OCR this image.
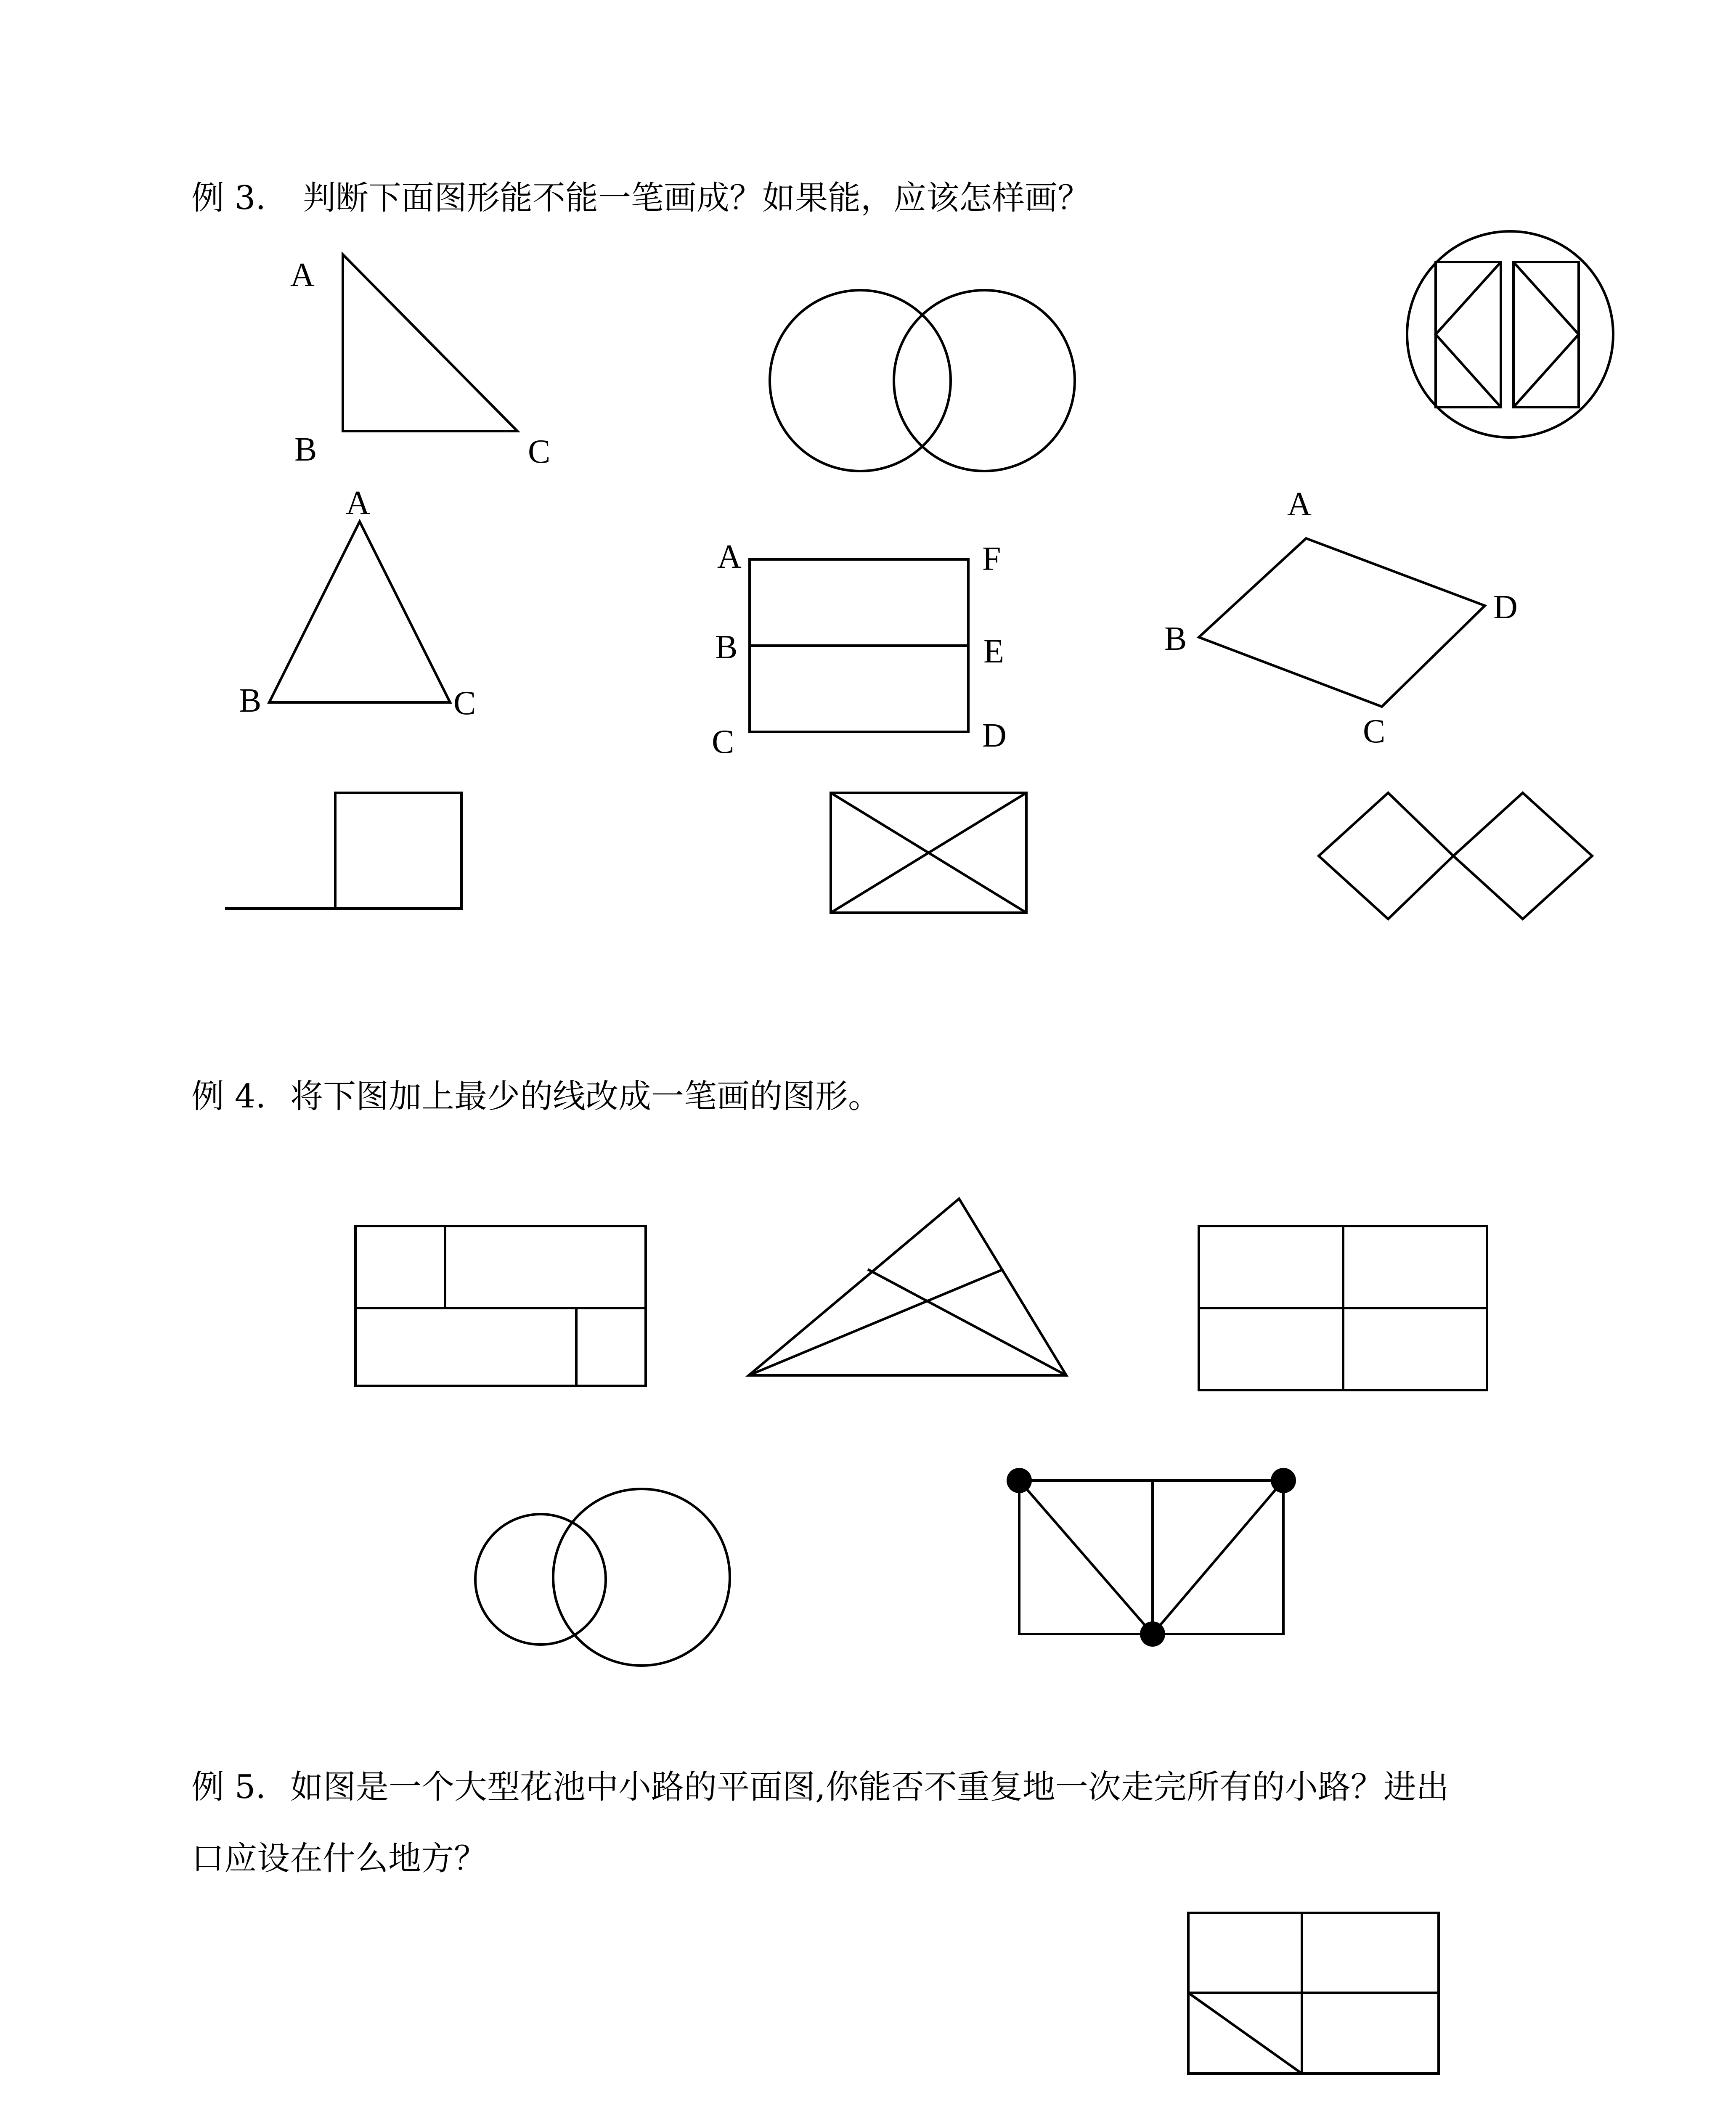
例 3. 判断下面图形能不能一笔画成？如果能，应该怎样画？
例 4. 将下图加上最少的线改成一笔画的图形。
例 5. 如图是一个大型花池中小路的平面图,你能否不重复地一次走完所有的小路？进出
口应设在什么地方？
A
B	C
A
B	C
A	F
B	E
C	D
A
D
B
C
